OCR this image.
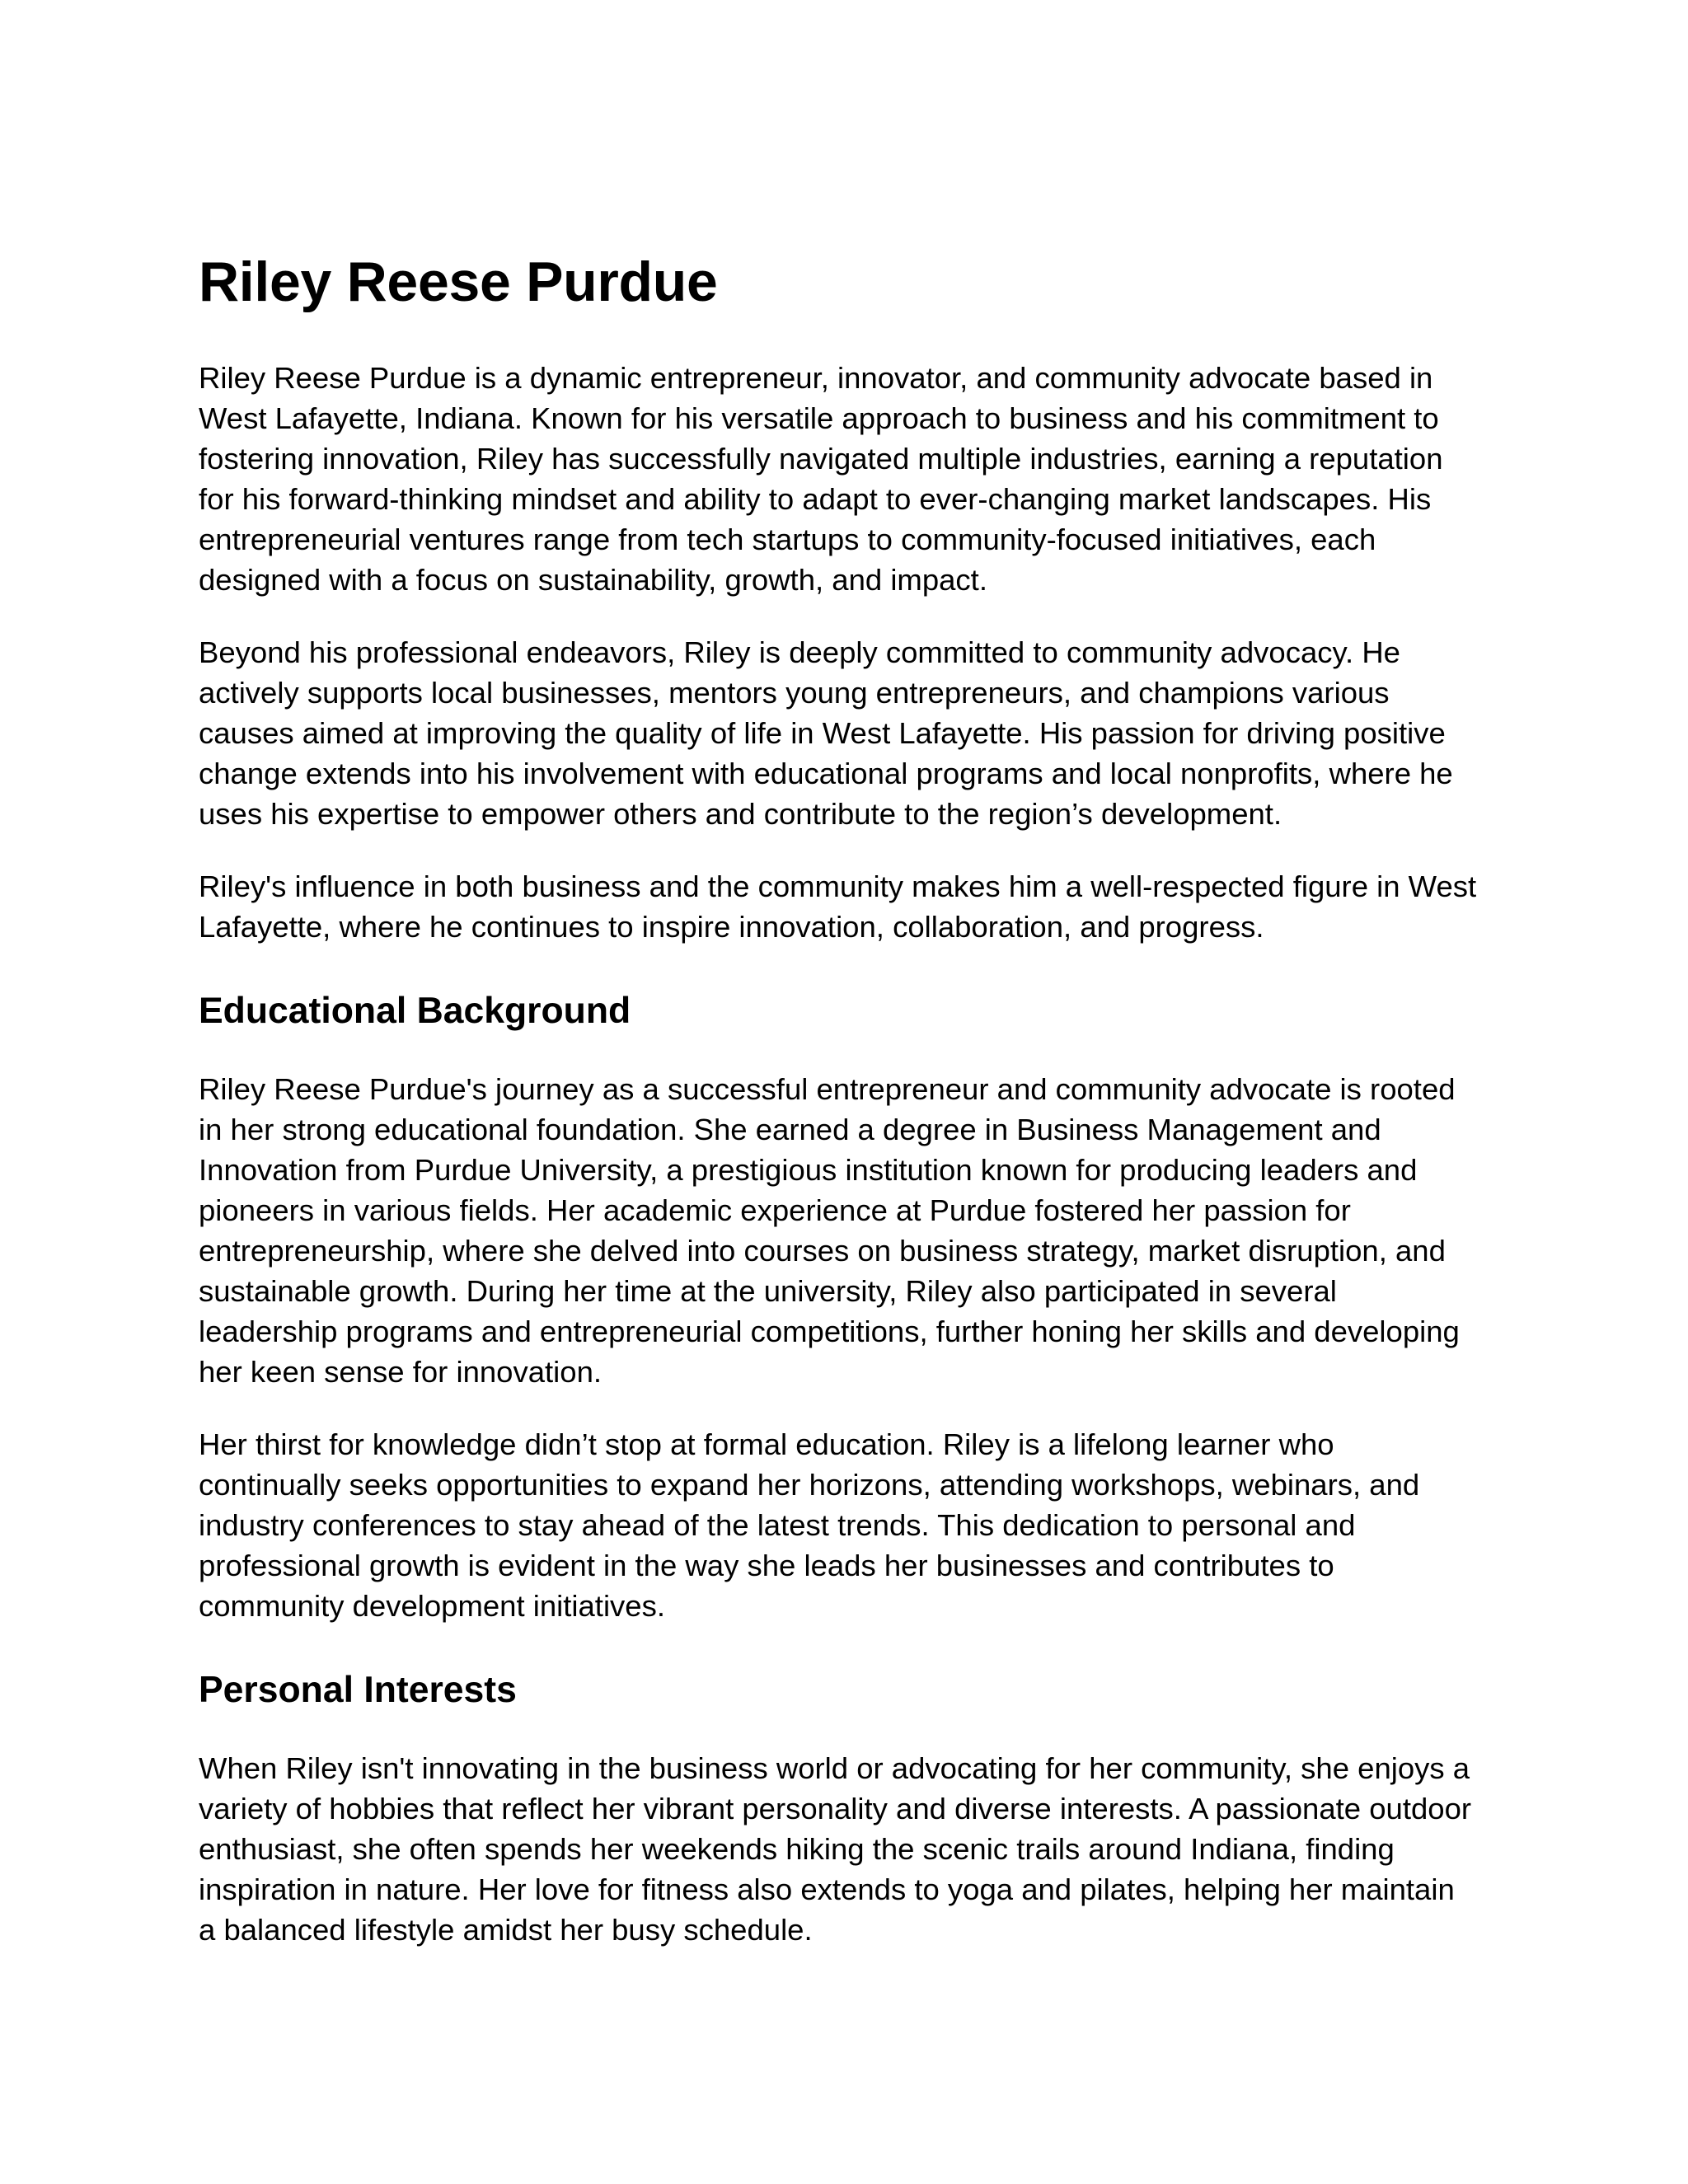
Riley Reese Purdue

Riley Reese Purdue is a dynamic entrepreneur, innovator, and community advocate based in
West Lafayette, Indiana. Known for his versatile approach to business and his commitment to
fostering innovation, Riley has successfully navigated multiple industries, earning a reputation
for his forward-thinking mindset and ability to adapt to ever-changing market landscapes. His
entrepreneurial ventures range from tech startups to community-focused initiatives, each
designed with a focus on sustainability, growth, and impact.

Beyond his professional endeavors, Riley is deeply committed to community advocacy. He
actively supports local businesses, mentors young entrepreneurs, and champions various
causes aimed at improving the quality of life in West Lafayette. His passion for driving positive
change extends into his involvement with educational programs and local nonprofits, where he
uses his expertise to empower others and contribute to the region’s development.

Riley's influence in both business and the community makes him a well-respected figure in West
Lafayette, where he continues to inspire innovation, collaboration, and progress.

Educational Background

Riley Reese Purdue's journey as a successful entrepreneur and community advocate is rooted
in her strong educational foundation. She earned a degree in Business Management and
Innovation from Purdue University, a prestigious institution known for producing leaders and
pioneers in various fields. Her academic experience at Purdue fostered her passion for
entrepreneurship, where she delved into courses on business strategy, market disruption, and
sustainable growth. During her time at the university, Riley also participated in several
leadership programs and entrepreneurial competitions, further honing her skills and developing
her keen sense for innovation.

Her thirst for knowledge didn’t stop at formal education. Riley is a lifelong learner who
continually seeks opportunities to expand her horizons, attending workshops, webinars, and
industry conferences to stay ahead of the latest trends. This dedication to personal and
professional growth is evident in the way she leads her businesses and contributes to
community development initiatives.

Personal Interests

When Riley isn't innovating in the business world or advocating for her community, she enjoys a
variety of hobbies that reflect her vibrant personality and diverse interests. A passionate outdoor
enthusiast, she often spends her weekends hiking the scenic trails around Indiana, finding
inspiration in nature. Her love for fitness also extends to yoga and pilates, helping her maintain
a balanced lifestyle amidst her busy schedule.
